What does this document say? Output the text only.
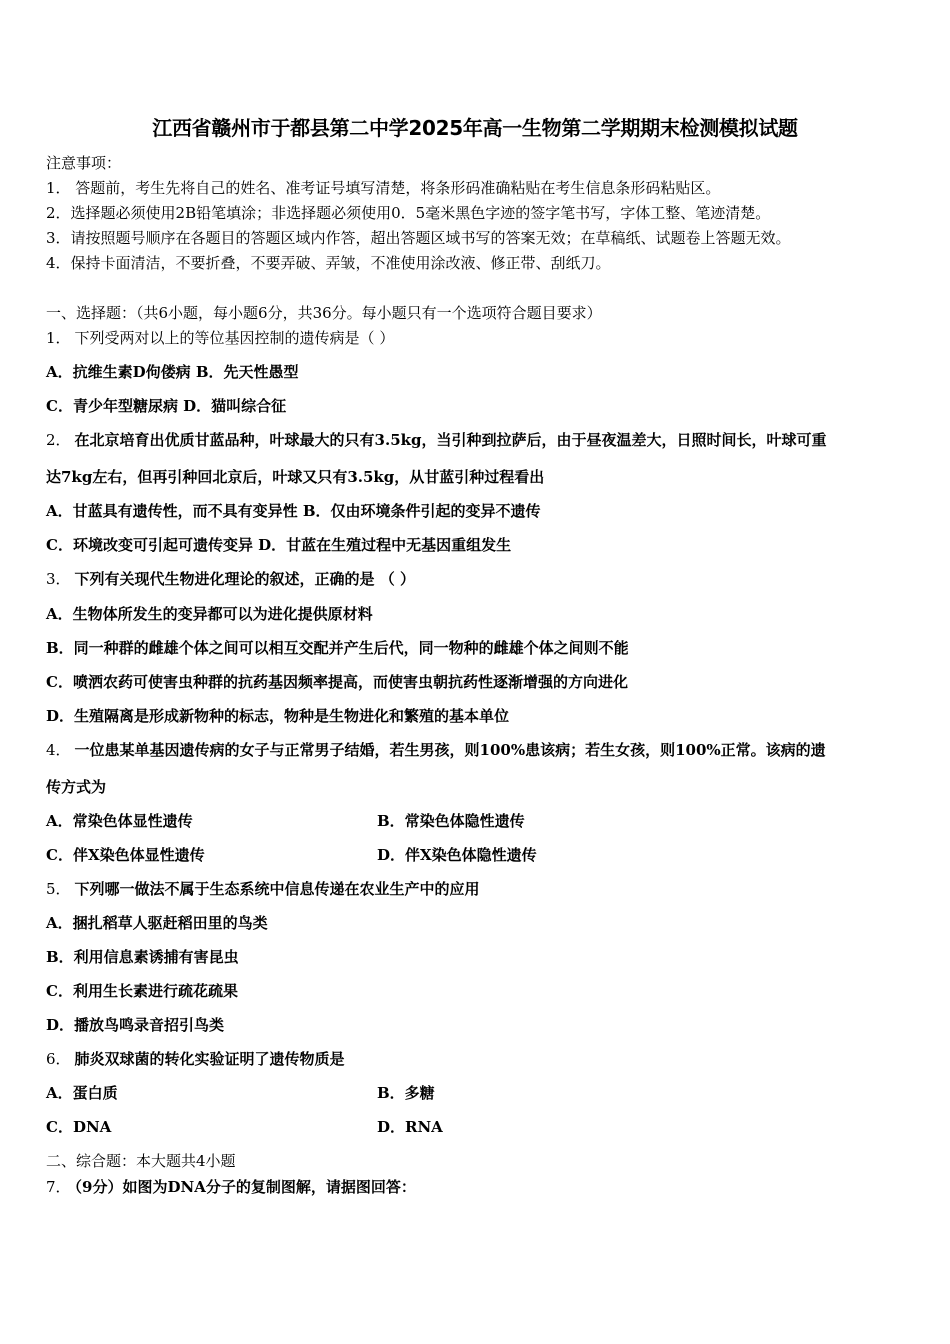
江西省赣州市于都县第二中学2025年高一生物第二学期期末检测模拟试题
注意事项：
1． 答题前，考生先将自己的姓名、准考证号填写清楚，将条形码准确粘贴在考生信息条形码粘贴区。
2．选择题必须使用2B铅笔填涂；非选择题必须使用0．5毫米黑色字迹的签字笔书写，字体工整、笔迹清楚。
3．请按照题号顺序在各题目的答题区域内作答，超出答题区域书写的答案无效；在草稿纸、试题卷上答题无效。
4．保持卡面清洁，不要折叠，不要弄破、弄皱，不准使用涂改液、修正带、刮纸刀。
一、选择题：（共6小题，每小题6分，共36分。每小题只有一个选项符合题目要求）
1． 下列受两对以上的等位基因控制的遗传病是（ ）
A．抗维生素D佝偻病 B．先天性愚型
C．青少年型糖尿病 D．猫叫综合征
2． 在北京培育出优质甘蓝品种，叶球最大的只有3.5kg，当引种到拉萨后，由于昼夜温差大，日照时间长，叶球可重
达7kg左右，但再引种回北京后，叶球又只有3.5kg，从甘蓝引种过程看出
A．甘蓝具有遗传性，而不具有变异性 B．仅由环境条件引起的变异不遗传
C．环境改变可引起可遗传变异 D．甘蓝在生殖过程中无基因重组发生
3． 下列有关现代生物进化理论的叙述，正确的是 （ ）
A．生物体所发生的变异都可以为进化提供原材料
B．同一种群的雌雄个体之间可以相互交配并产生后代，同一物种的雌雄个体之间则不能
C．喷洒农药可使害虫种群的抗药基因频率提高，而使害虫朝抗药性逐渐增强的方向进化
D．生殖隔离是形成新物种的标志，物种是生物进化和繁殖的基本单位
4． 一位患某单基因遗传病的女子与正常男子结婚，若生男孩，则100%患该病；若生女孩，则100%正常。该病的遗
传方式为
A．常染色体显性遗传	B．常染色体隐性遗传
C．伴X染色体显性遗传	D．伴X染色体隐性遗传
5． 下列哪一做法不属于生态系统中信息传递在农业生产中的应用
A．捆扎稻草人驱赶稻田里的鸟类
B．利用信息素诱捕有害昆虫
C．利用生长素进行疏花疏果
D．播放鸟鸣录音招引鸟类
6． 肺炎双球菌的转化实验证明了遗传物质是
A．蛋白质	B．多糖
C．DNA	D．RNA
二、综合题：本大题共4小题
7． （9分）如图为DNA分子的复制图解，请据图回答：
